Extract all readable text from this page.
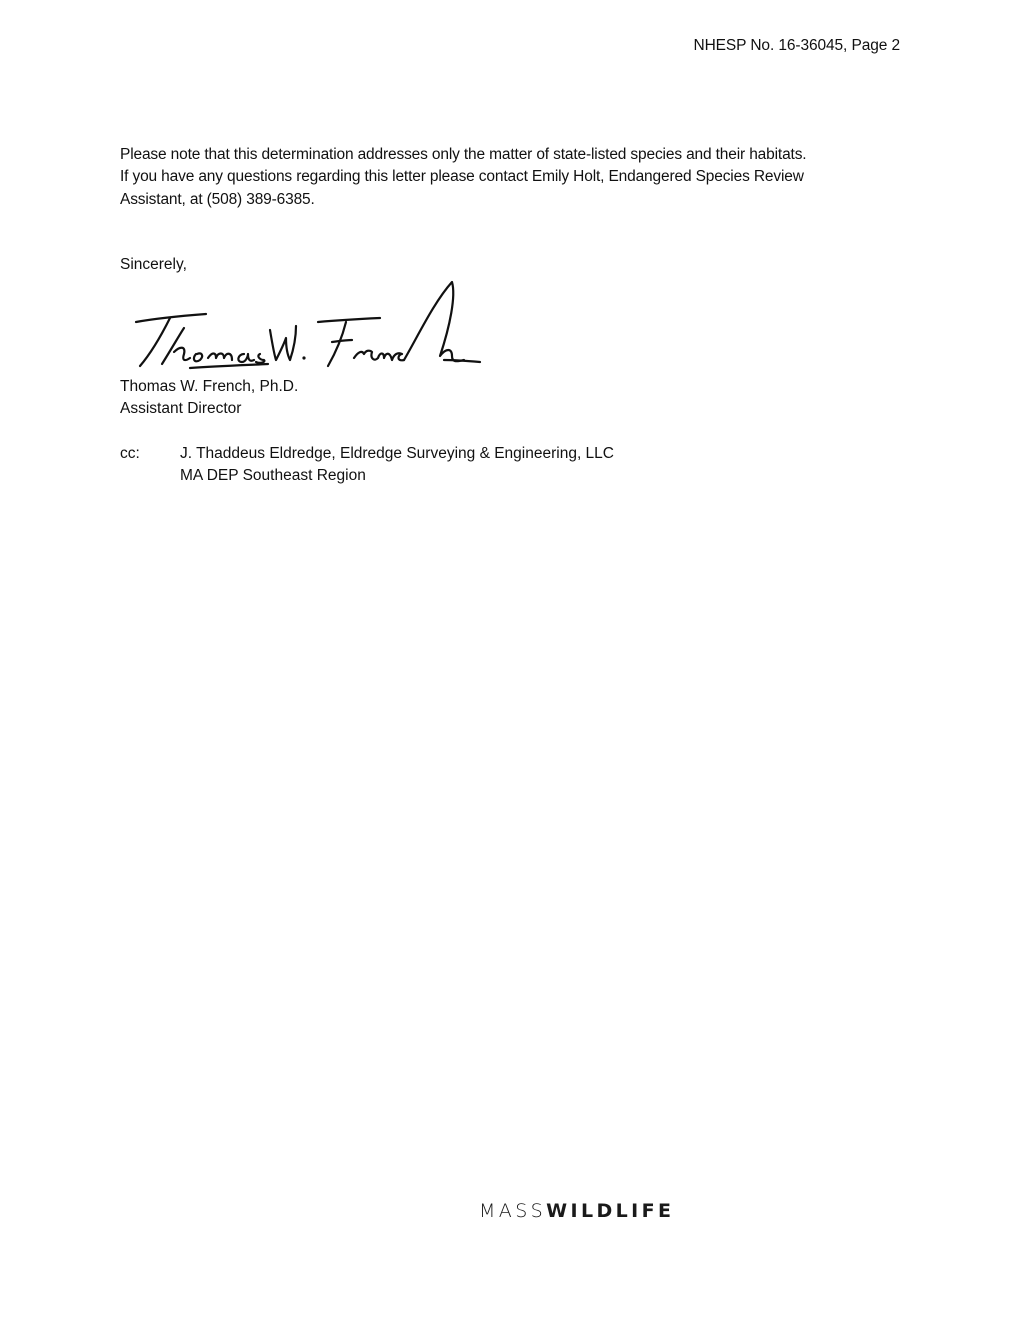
NHESP No. 16-36045, Page 2
Please note that this determination addresses only the matter of state-listed species and their habitats.
If you have any questions regarding this letter please contact Emily Holt, Endangered Species Review
Assistant, at (508) 389-6385.
Sincerely,
Thomas W. French, Ph.D.
Assistant Director
cc:	J. Thaddeus Eldredge, Eldredge Surveying & Engineering, LLC
MA DEP Southeast Region
MASSWILDLIFE
